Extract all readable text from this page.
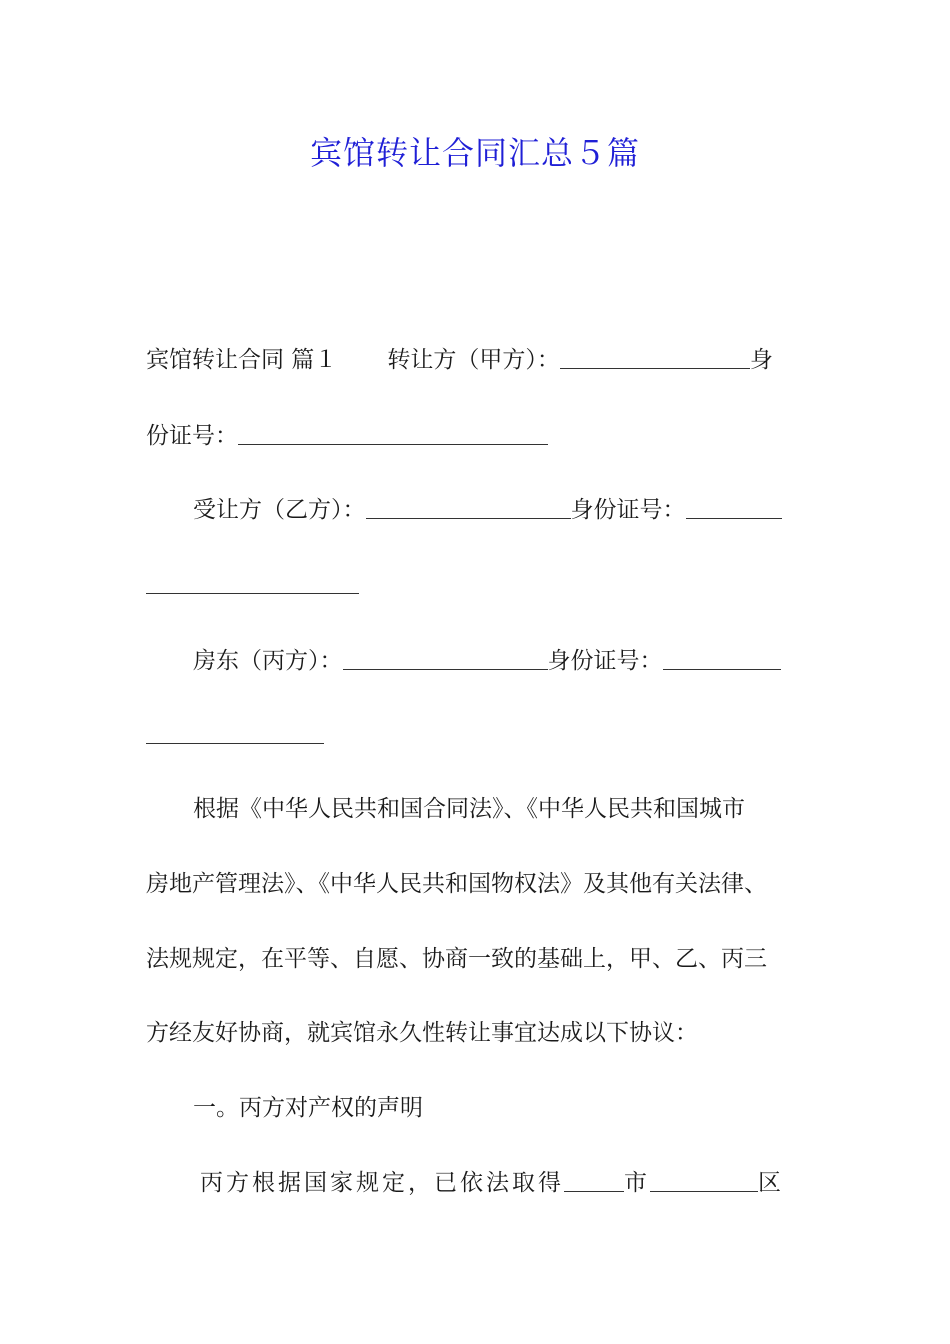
宾馆转让合同汇总５篇
宾馆转让合同 篇１ 转让方（甲方）：	身
份证号：
受让方（乙方）：	身份证号：
房东（丙方）：	身份证号：
根据《中华人民共和国合同法》、《中华人民共和国城市
房地产管理法》、《中华人民共和国物权法》及其他有关法律、
法规规定，在平等、自愿、协商一致的基础上，甲、乙、丙三
方经友好协商，就宾馆永久性转让事宜达成以下协议：
一。丙方对产权的声明
丙方根据国家规定，已依法取得	市	区
